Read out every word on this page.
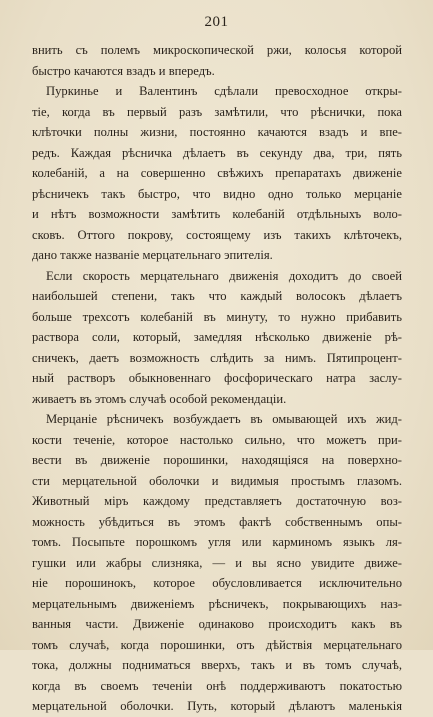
201
внить съ полемъ микроскопической ржи, колосья которой
быстро качаются взадъ и впередъ.
Пуркинье и Валентинъ сдѣлали превосходное откры-
тіе, когда въ первый разъ замѣтили, что рѣснички, пока
клѣточки полны жизни, постоянно качаются взадъ и впе-
редъ. Каждая рѣсничка дѣлаетъ въ секунду два, три, пять
колебаній, а на совершенно свѣжихъ препаратахъ движеніе
рѣсничекъ такъ быстро, что видно одно только мерцаніе
и нѣтъ возможности замѣтить колебаній отдѣльныхъ воло-
сковъ. Оттого покрову, состоящему изъ такихъ клѣточекъ,
дано также названіе мерцательнаго эпителія.
Если скорость мерцательнаго движенія доходитъ до своей
наибольшей степени, такъ что каждый волосокъ дѣлаетъ
больше трехсотъ колебаній въ минуту, то нужно прибавить
раствора соли, который, замедляя нѣсколько движеніе рѣ-
сничекъ, даетъ возможность слѣдить за нимъ. Пятипроцент-
ный растворъ обыкновеннаго фосфорическаго натра заслу-
живаетъ въ этомъ случаѣ особой рекомендаціи.
Мерцаніе рѣсничекъ возбуждаетъ въ омывающей ихъ жид-
кости теченіе, которое настолько сильно, что можетъ при-
вести въ движеніе порошинки, находящіяся на поверхно-
сти мерцательной оболочки и видимыя простымъ глазомъ.
Животный міръ каждому представляетъ достаточную воз-
можность убѣдиться въ этомъ фактѣ собственнымъ опы-
томъ. Посыпьте порошкомъ угля или карминомъ языкъ ля-
гушки или жабры слизняка, — и вы ясно увидите движе-
ніе порошинокъ, которое обусловливается исключительно
мерцательнымъ движеніемъ рѣсничекъ, покрывающихъ наз-
ванныя части. Движеніе одинаково происходитъ какъ въ
томъ случаѣ, когда порошинки, отъ дѣйствія мерцательнаго
тока, должны подниматься вверхъ, такъ и въ томъ случаѣ,
когда въ своемъ теченіи онѣ поддерживаютъ покатостью
мерцательной оболочки. Путь, который дѣлаютъ маленькія
